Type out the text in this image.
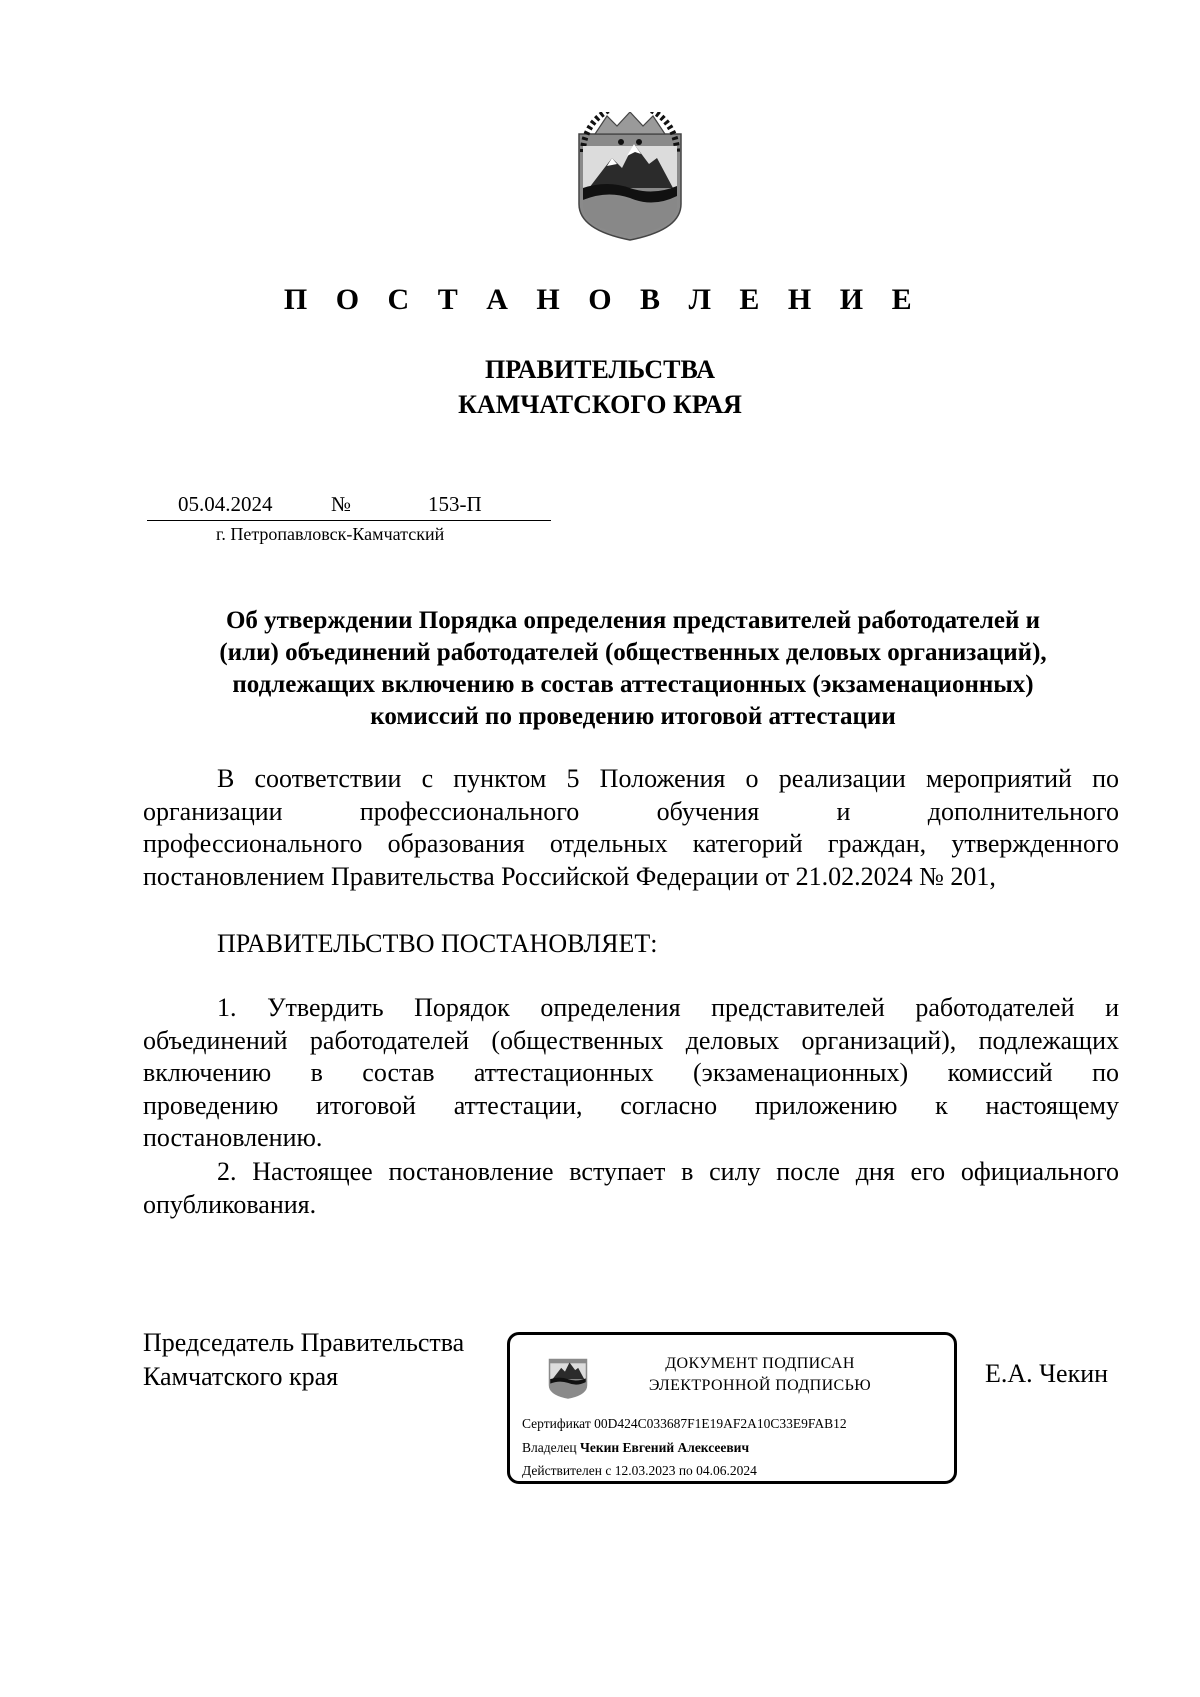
П О С Т А Н О В Л Е Н И Е
ПРАВИТЕЛЬСТВА
КАМЧАТСКОГО КРАЯ
05.04.2024	№	153-П
г. Петропавловск-Камчатский
Об утверждении Порядка определения представителей работодателей и
(или) объединений работодателей (общественных деловых организаций),
подлежащих включению в состав аттестационных (экзаменационных)
комиссий по проведению итоговой аттестации
В соответствии с пунктом 5 Положения о реализации мероприятий по
организации профессионального обучения и дополнительного
профессионального образования отдельных категорий граждан, утвержденного
постановлением Правительства Российской Федерации от 21.02.2024 № 201,
ПРАВИТЕЛЬСТВО ПОСТАНОВЛЯЕТ:
1. Утвердить Порядок определения представителей работодателей и
объединений работодателей (общественных деловых организаций), подлежащих
включению в состав аттестационных (экзаменационных) комиссий по
проведению итоговой аттестации, согласно приложению к настоящему
постановлению.
2. Настоящее постановление вступает в силу после дня его официального
опубликования.
Председатель Правительства
Камчатского края	ДОКУМЕНТ ПОДПИСАН
ЭЛЕКТРОННОЙ ПОДПИСЬЮ
Сертификат 00D424C033687F1E19AF2A10C33E9FAB12
Владелец Чекин Евгений Алексеевич
Действителен с 12.03.2023 по 04.06.2024
Е.А. Чекин
